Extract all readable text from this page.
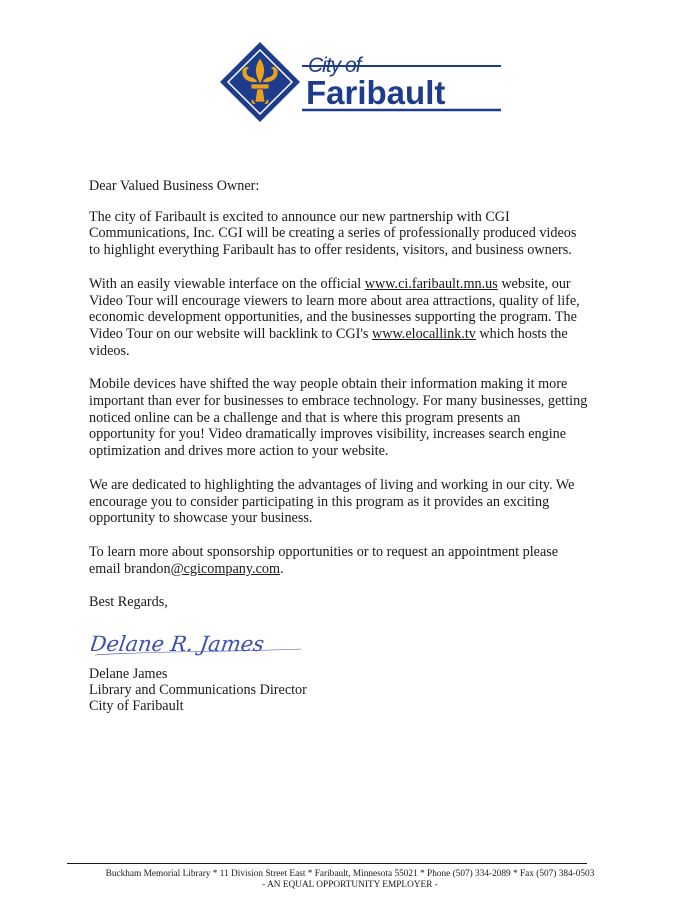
City of
Faribault

Dear Valued Business Owner:

The city of Faribault is excited to announce our new partnership with CGI Communications, Inc. CGI will be creating a series of professionally produced videos to highlight everything Faribault has to offer residents, visitors, and business owners.

With an easily viewable interface on the official www.ci.faribault.mn.us website, our Video Tour will encourage viewers to learn more about area attractions, quality of life, economic development opportunities, and the businesses supporting the program. The Video Tour on our website will backlink to CGI's www.elocallink.tv which hosts the videos.

Mobile devices have shifted the way people obtain their information making it more important than ever for businesses to embrace technology. For many businesses, getting noticed online can be a challenge and that is where this program presents an opportunity for you! Video dramatically improves visibility, increases search engine optimization and drives more action to your website.

We are dedicated to highlighting the advantages of living and working in our city. We encourage you to consider participating in this program as it provides an exciting opportunity to showcase your business.

To learn more about sponsorship opportunities or to request an appointment please email brandon@cgicompany.com.

Best Regards,

Delane R. James

Delane James

Library and Communications Director

City of Faribault

Buckham Memorial Library * 11 Division Street East * Faribault, Minnesota 55021 * Phone (507) 334-2089 * Fax (507) 384-0503
- AN EQUAL OPPORTUNITY EMPLOYER -
